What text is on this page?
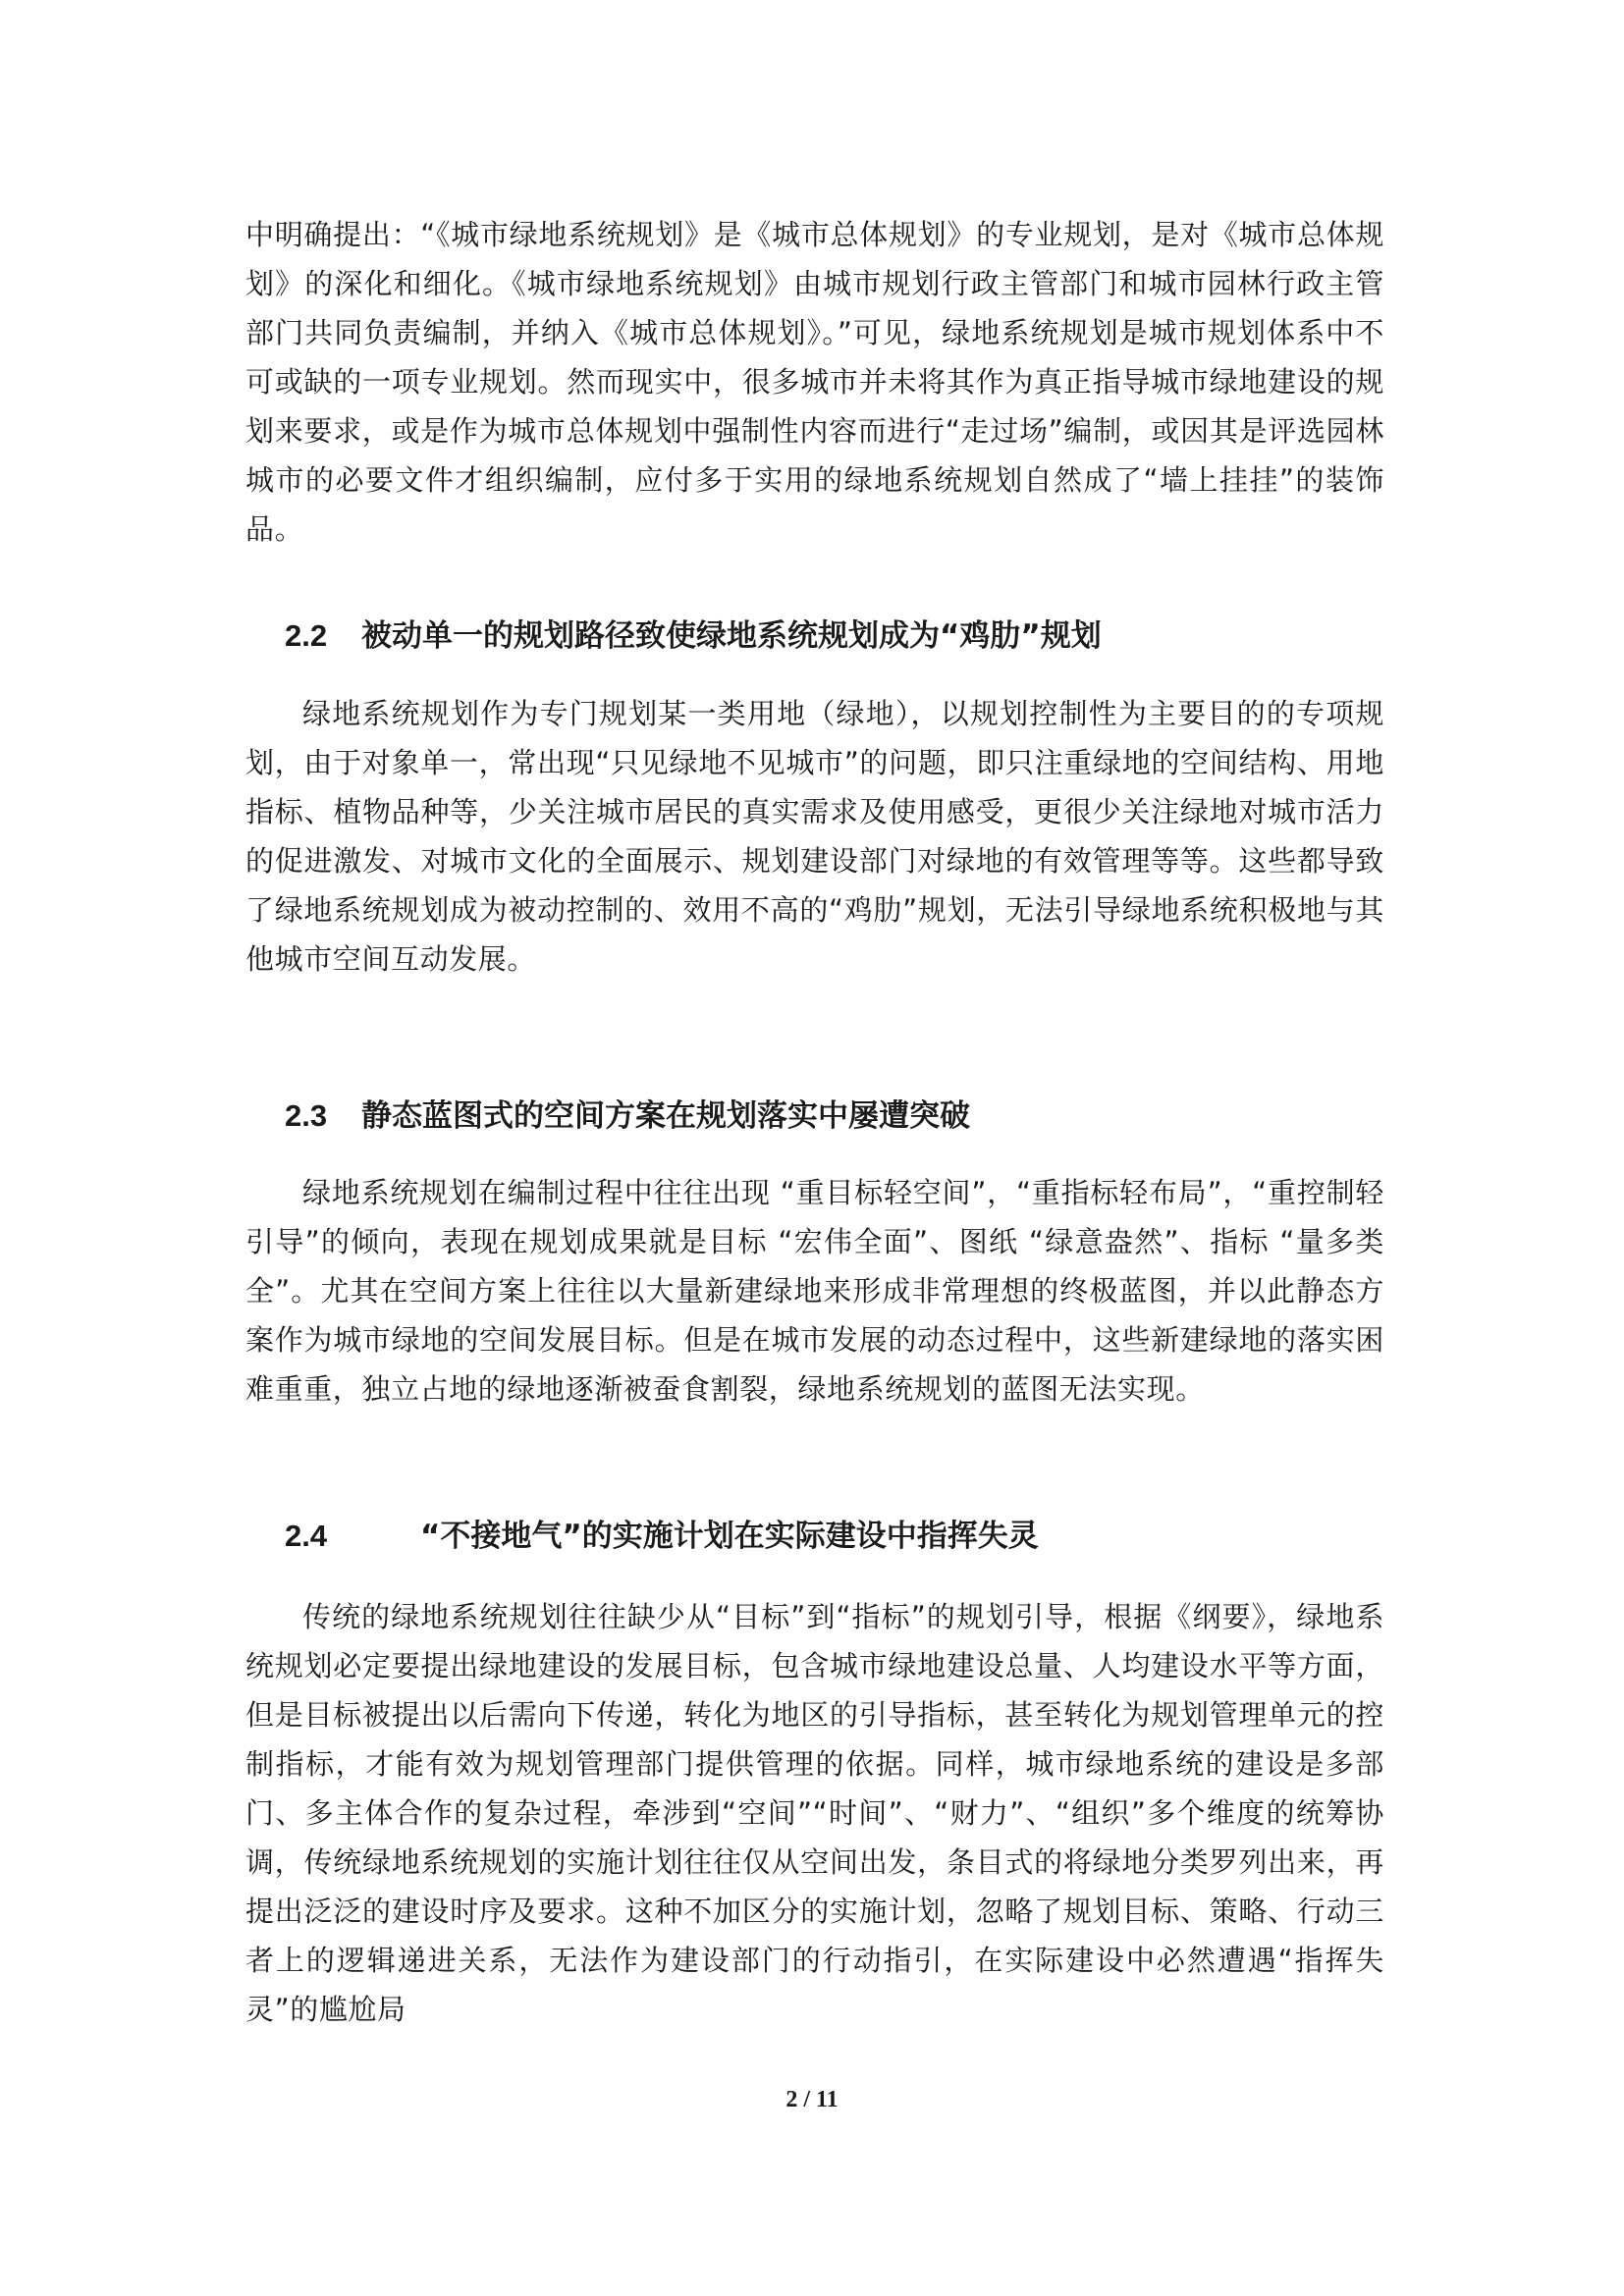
中明确提出：“《城市绿地系统规划》是《城市总体规划》的专业规划，是对《城市总体规划》的深化和细化。《城市绿地系统规划》由城市规划行政主管部门和城市园林行政主管部门共同负责编制，并纳入《城市总体规划》。”可见，绿地系统规划是城市规划体系中不可或缺的一项专业规划。然而现实中，很多城市并未将其作为真正指导城市绿地建设的规划来要求，或是作为城市总体规划中强制性内容而进行“走过场”编制，或因其是评选园林城市的必要文件才组织编制，应付多于实用的绿地系统规划自然成了“墙上挂挂”的装饰品。

2.2 被动单一的规划路径致使绿地系统规划成为“鸡肋”规划

绿地系统规划作为专门规划某一类用地（绿地），以规划控制性为主要目的的专项规划，由于对象单一，常出现“只见绿地不见城市”的问题，即只注重绿地的空间结构、用地指标、植物品种等，少关注城市居民的真实需求及使用感受，更很少关注绿地对城市活力的促进激发、对城市文化的全面展示、规划建设部门对绿地的有效管理等等。这些都导致了绿地系统规划成为被动控制的、效用不高的“鸡肋”规划，无法引导绿地系统积极地与其他城市空间互动发展。

2.3 静态蓝图式的空间方案在规划落实中屡遭突破

绿地系统规划在编制过程中往往出现 “重目标轻空间”，“重指标轻布局”，“重控制轻引导”的倾向，表现在规划成果就是目标 “宏伟全面”、图纸 “绿意盎然”、指标 “量多类全”。尤其在空间方案上往往以大量新建绿地来形成非常理想的终极蓝图，并以此静态方案作为城市绿地的空间发展目标。但是在城市发展的动态过程中，这些新建绿地的落实困难重重，独立占地的绿地逐渐被蚕食割裂，绿地系统规划的蓝图无法实现。

2.4	“不接地气”的实施计划在实际建设中指挥失灵

传统的绿地系统规划往往缺少从“目标”到“指标”的规划引导，根据《纲要》，绿地系统规划必定要提出绿地建设的发展目标，包含城市绿地建设总量、人均建设水平等方面，但是目标被提出以后需向下传递，转化为地区的引导指标，甚至转化为规划管理单元的控制指标，才能有效为规划管理部门提供管理的依据。同样，城市绿地系统的建设是多部门、多主体合作的复杂过程，牵涉到“空间”“时间”、“财力”、“组织”多个维度的统筹协调，传统绿地系统规划的实施计划往往仅从空间出发，条目式的将绿地分类罗列出来，再提出泛泛的建设时序及要求。这种不加区分的实施计划，忽略了规划目标、策略、行动三者上的逻辑递进关系，无法作为建设部门的行动指引，在实际建设中必然遭遇“指挥失灵”的尴尬局

2 / 11
